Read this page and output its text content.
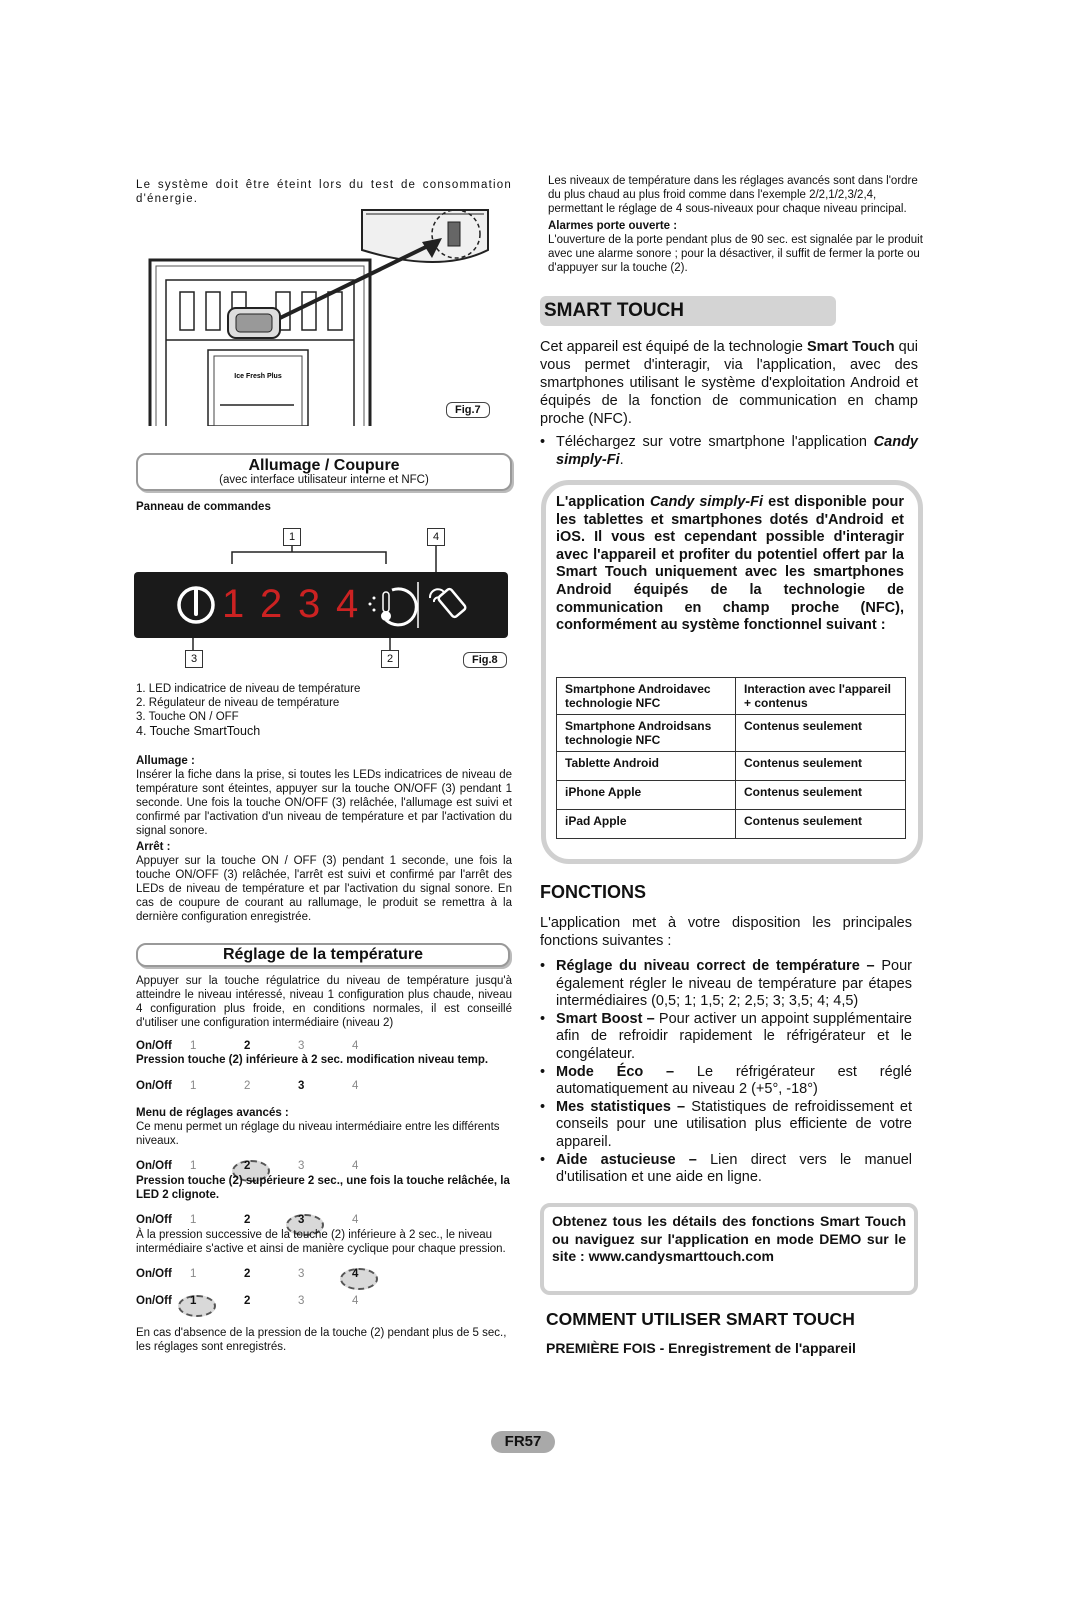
Le système doit être éteint lors du test de consommation d'énergie.
Ice Fresh Plus
Fig.7
Allumage / Coupure
(avec interface utilisateur interne et NFC)
Panneau de commandes
1 2 3 4
1	4
3	2	Fig.8
1. LED indicatrice de niveau de température
2. Régulateur de niveau de température
3. Touche ON / OFF
4. Touche SmartTouch
Allumage :
Insérer la fiche dans la prise, si toutes les LEDs indicatrices de niveau de température sont éteintes, appuyer sur la touche ON/OFF (3) pendant 1 seconde. Une fois la touche ON/OFF (3) relâchée, l'allumage est suivi et confirmé par l'activation d'un niveau de température et par l'activation du signal sonore.
Arrêt :
Appuyer sur la touche ON / OFF (3) pendant 1 seconde, une fois la touche ON/OFF (3) relâchée, l'arrêt est suivi et confirmé par l'arrêt des LEDs de niveau de température et par l'activation du signal sonore. En cas de coupure de courant au rallumage, le produit se remettra à la dernière configuration enregistrée.
Réglage de la température
Appuyer sur la touche régulatrice du niveau de température jusqu'à atteindre le niveau intéressé, niveau 1 configuration plus chaude, niveau 4 configuration plus froide, en conditions normales, il est conseillé d'utiliser une configuration intermédiaire (niveau 2)
On/Off 1	2	3	4
Pression touche (2) inférieure à 2 sec. modification niveau temp.
On/Off 1	2	3	4
Menu de réglages avancés :
Ce menu permet un réglage du niveau intermédiaire entre les différents niveaux.
On/Off 1	2	3	4
Pression touche (2) supérieure 2 sec., une fois la touche relâchée, la LED 2 clignote.
On/Off 1	2	3	4
À la pression successive de la touche (2) inférieure à 2 sec., le niveau intermédiaire s'active et ainsi de manière cyclique pour chaque pression.
On/Off 1	2	3	4
On/Off 1	2	3	4
En cas d'absence de la pression de la touche (2) pendant plus de 5 sec., les réglages sont enregistrés.
Les niveaux de température dans les réglages avancés sont dans l'ordre du plus chaud au plus froid comme dans l'exemple 2/2,1/2,3/2,4, permettant le réglage de 4 sous-niveaux pour chaque niveau principal.
Alarmes porte ouverte :
L'ouverture de la porte pendant plus de 90 sec. est signalée par le produit avec une alarme sonore ; pour la désactiver, il suffit de fermer la porte ou d'appuyer sur la touche (2).
SMART TOUCH
Cet appareil est équipé de la technologie Smart Touch qui vous permet d'interagir, via l'application, avec des smartphones utilisant le système d'exploitation Android et équipés de la fonction de communication en champ proche (NFC).
• Téléchargez sur votre smartphone l'application Candy simply-Fi.
L'application Candy simply-Fi est disponible pour les tablettes et smartphones dotés d'Android et iOS. Il vous est cependant possible d'interagir avec l'appareil et profiter du potentiel offert par la Smart Touch uniquement avec les smartphones Android équipés de la technologie de communication en champ proche (NFC), conformément au système fonctionnel suivant :
Smartphone Androidavec technologie NFC	Interaction avec l'appareil + contenus
Smartphone Androidsans technologie NFC	Contenus seulement
Tablette Android	Contenus seulement
iPhone Apple	Contenus seulement
iPad Apple	Contenus seulement
FONCTIONS
L'application met à votre disposition les principales fonctions suivantes :
• Réglage du niveau correct de température – Pour également régler le niveau de température par étapes intermédiaires (0,5; 1; 1,5; 2; 2,5; 3; 3,5; 4; 4,5)
• Smart Boost – Pour activer un appoint supplémentaire afin de refroidir rapidement le réfrigérateur et le congélateur.
• Mode Éco – Le réfrigérateur est réglé automatiquement au niveau 2 (+5°, -18°)
• Mes statistiques – Statistiques de refroidissement et conseils pour une utilisation plus efficiente de votre appareil.
• Aide astucieuse – Lien direct vers le manuel d'utilisation et une aide en ligne.
Obtenez tous les détails des fonctions Smart Touch ou naviguez sur l'application en mode DEMO sur le site : www.candysmarttouch.com
COMMENT UTILISER SMART TOUCH
PREMIÈRE FOIS - Enregistrement de l'appareil
FR57
